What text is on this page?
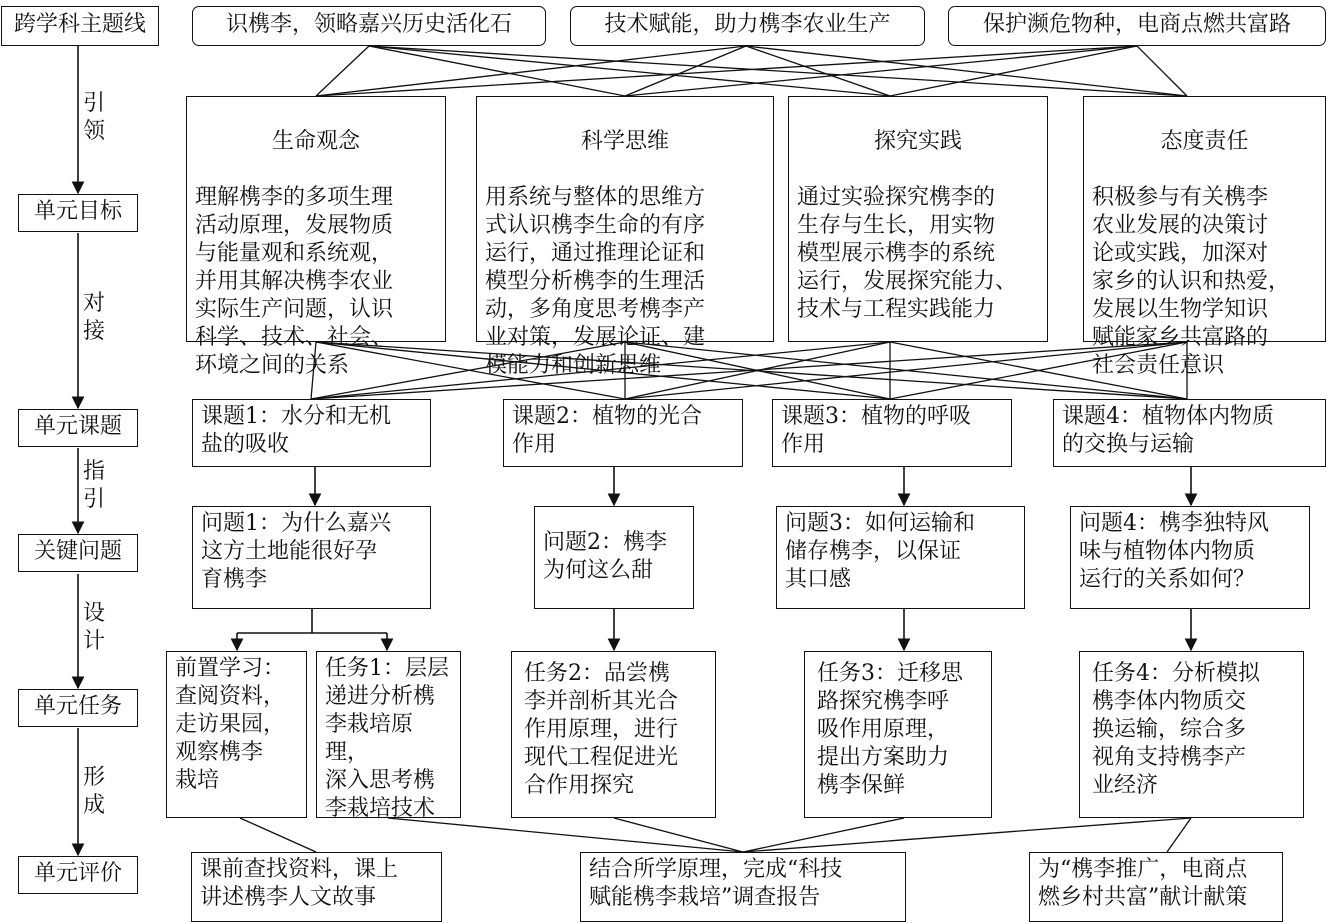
跨学科主题线
单元目标
单元课题
关键问题
单元任务
单元评价
引
领
对
接
指
引
设
计
形
成
识槜李，领略嘉兴历史活化石	技术赋能，助力槜李农业生产	保护濒危物种，电商点燃共富路

生命观念

理解槜李的多项生理
活动原理，发展物质
与能量观和系统观，
并用其解决槜李农业
实际生产问题，认识
科学、技术、社会、
环境之间的关系

科学思维

用系统与整体的思维方
式认识槜李生命的有序
运行，通过推理论证和
模型分析槜李的生理活
动，多角度思考槜李产
业对策，发展论证、建
模能力和创新思维

探究实践

通过实验探究槜李的
生存与生长，用实物
模型展示槜李的系统
运行，发展探究能力、
技术与工程实践能力

态度责任

积极参与有关槜李
农业发展的决策讨
论或实践，加深对
家乡的认识和热爱，
发展以生物学知识
赋能家乡共富路的
社会责任意识

课题1：水分和无机
盐的吸收
课题2：植物的光合
作用
课题3：植物的呼吸
作用
课题4：植物体内物质
的交换与运输
问题1：为什么嘉兴
这方土地能很好孕
育槜李
问题2：槜李
为何这么甜
问题3：如何运输和
储存槜李，以保证
其口感
问题4：槜李独特风
味与植物体内物质
运行的关系如何？
前置学习：
查阅资料，
走访果园，
观察槜李
栽培
任务1：层层
递进分析槜
李栽培原理，
深入思考槜
李栽培技术
任务2：品尝槜
李并剖析其光合
作用原理，进行
现代工程促进光
合作用探究
任务3：迁移思
路探究槜李呼
吸作用原理，
提出方案助力
槜李保鲜
任务4：分析模拟
槜李体内物质交
换运输，综合多
视角支持槜李产
业经济
课前查找资料，课上
讲述槜李人文故事
结合所学原理，完成“科技
赋能槜李栽培”调查报告
为“槜李推广，电商点
燃乡村共富”献计献策
